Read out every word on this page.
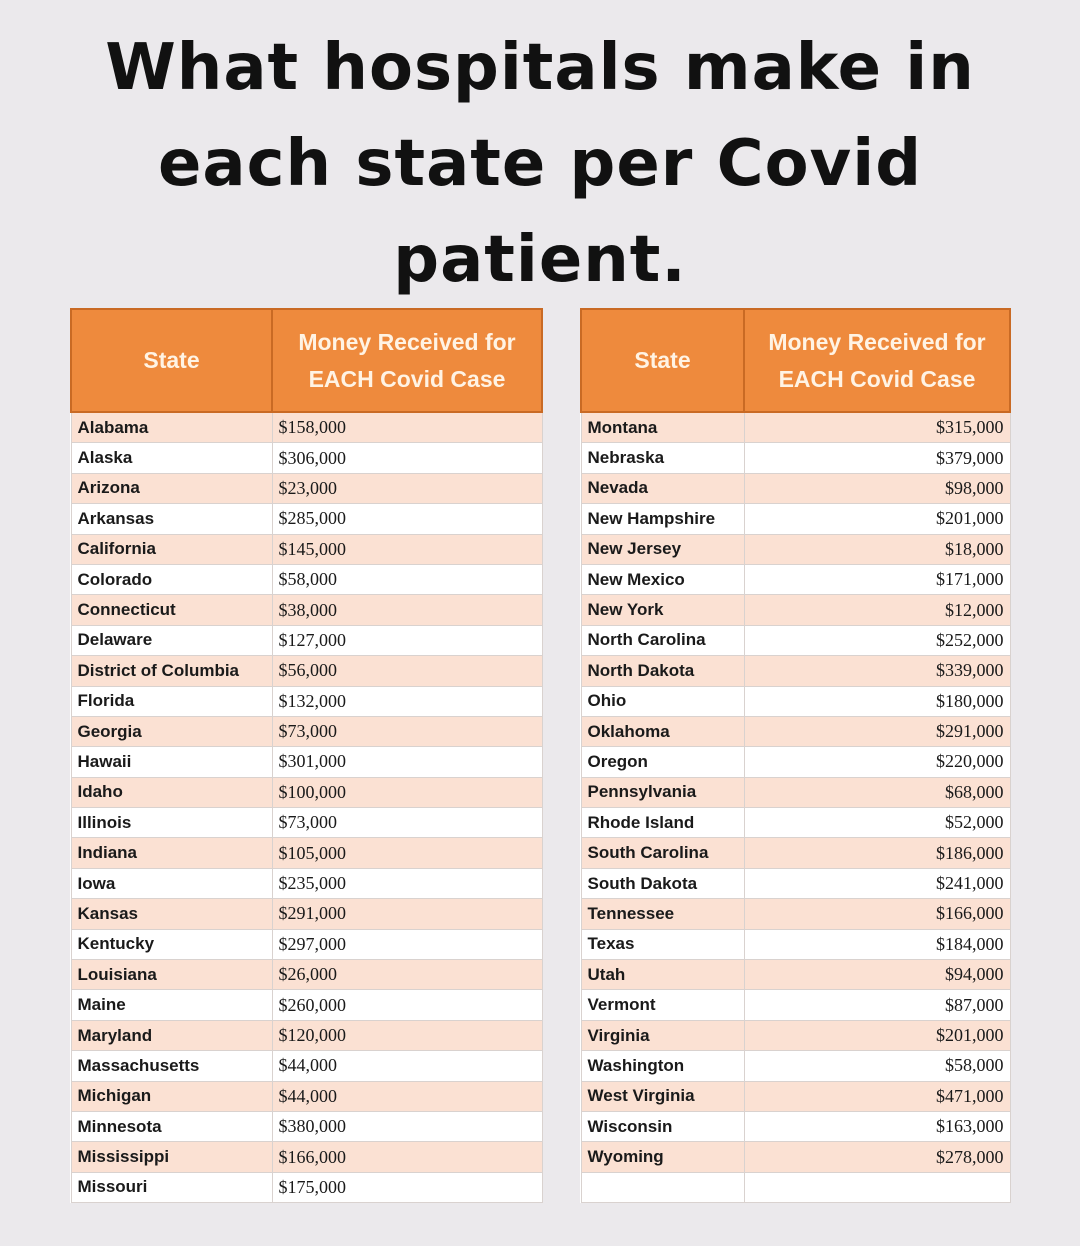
What hospitals make in
each state per Covid
patient.
State	Money Received for
EACH Covid Case

Alabama	$158,000
Alaska	$306,000
Arizona	$23,000
Arkansas	$285,000
California	$145,000
Colorado	$58,000
Connecticut	$38,000
Delaware	$127,000
District of Columbia	$56,000
Florida	$132,000
Georgia	$73,000
Hawaii	$301,000
Idaho	$100,000
Illinois	$73,000
Indiana	$105,000
Iowa	$235,000
Kansas	$291,000
Kentucky	$297,000
Louisiana	$26,000
Maine	$260,000
Maryland	$120,000
Massachusetts	$44,000
Michigan	$44,000
Minnesota	$380,000
Mississippi	$166,000
Missouri	$175,000
State	Money Received for
EACH Covid Case

Montana	$315,000
Nebraska	$379,000
Nevada	$98,000
New Hampshire	$201,000
New Jersey	$18,000
New Mexico	$171,000
New York	$12,000
North Carolina	$252,000
North Dakota	$339,000
Ohio	$180,000
Oklahoma	$291,000
Oregon	$220,000
Pennsylvania	$68,000
Rhode Island	$52,000
South Carolina	$186,000
South Dakota	$241,000
Tennessee	$166,000
Texas	$184,000
Utah	$94,000
Vermont	$87,000
Virginia	$201,000
Washington	$58,000
West Virginia	$471,000
Wisconsin	$163,000
Wyoming	$278,000
